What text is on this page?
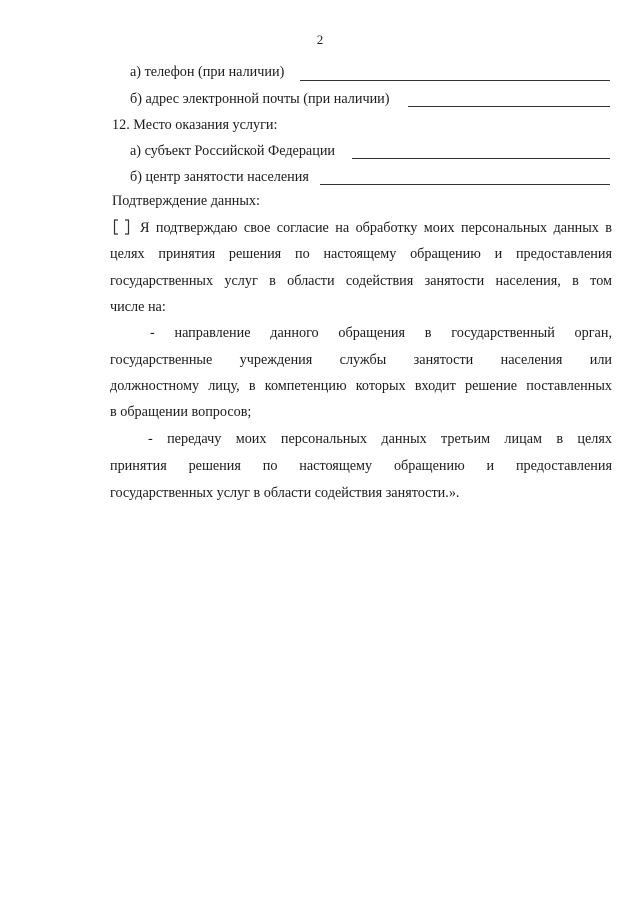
2
а) телефон (при наличии)
б) адрес электронной почты (при наличии)
12. Место оказания услуги:
а) субъект Российской Федерации
б) центр занятости населения
Подтверждение данных:
Я подтверждаю свое согласие на обработку моих персональных данных в
целях принятия решения по настоящему обращению и предоставления
государственных услуг в области содействия занятости населения, в том
числе на:
- направление данного обращения в государственный орган,
государственные учреждения службы занятости населения или
должностному лицу, в компетенцию которых входит решение поставленных
в обращении вопросов;
- передачу моих персональных данных третьим лицам в целях
принятия решения по настоящему обращению и предоставления
государственных услуг в области содействия занятости.».
